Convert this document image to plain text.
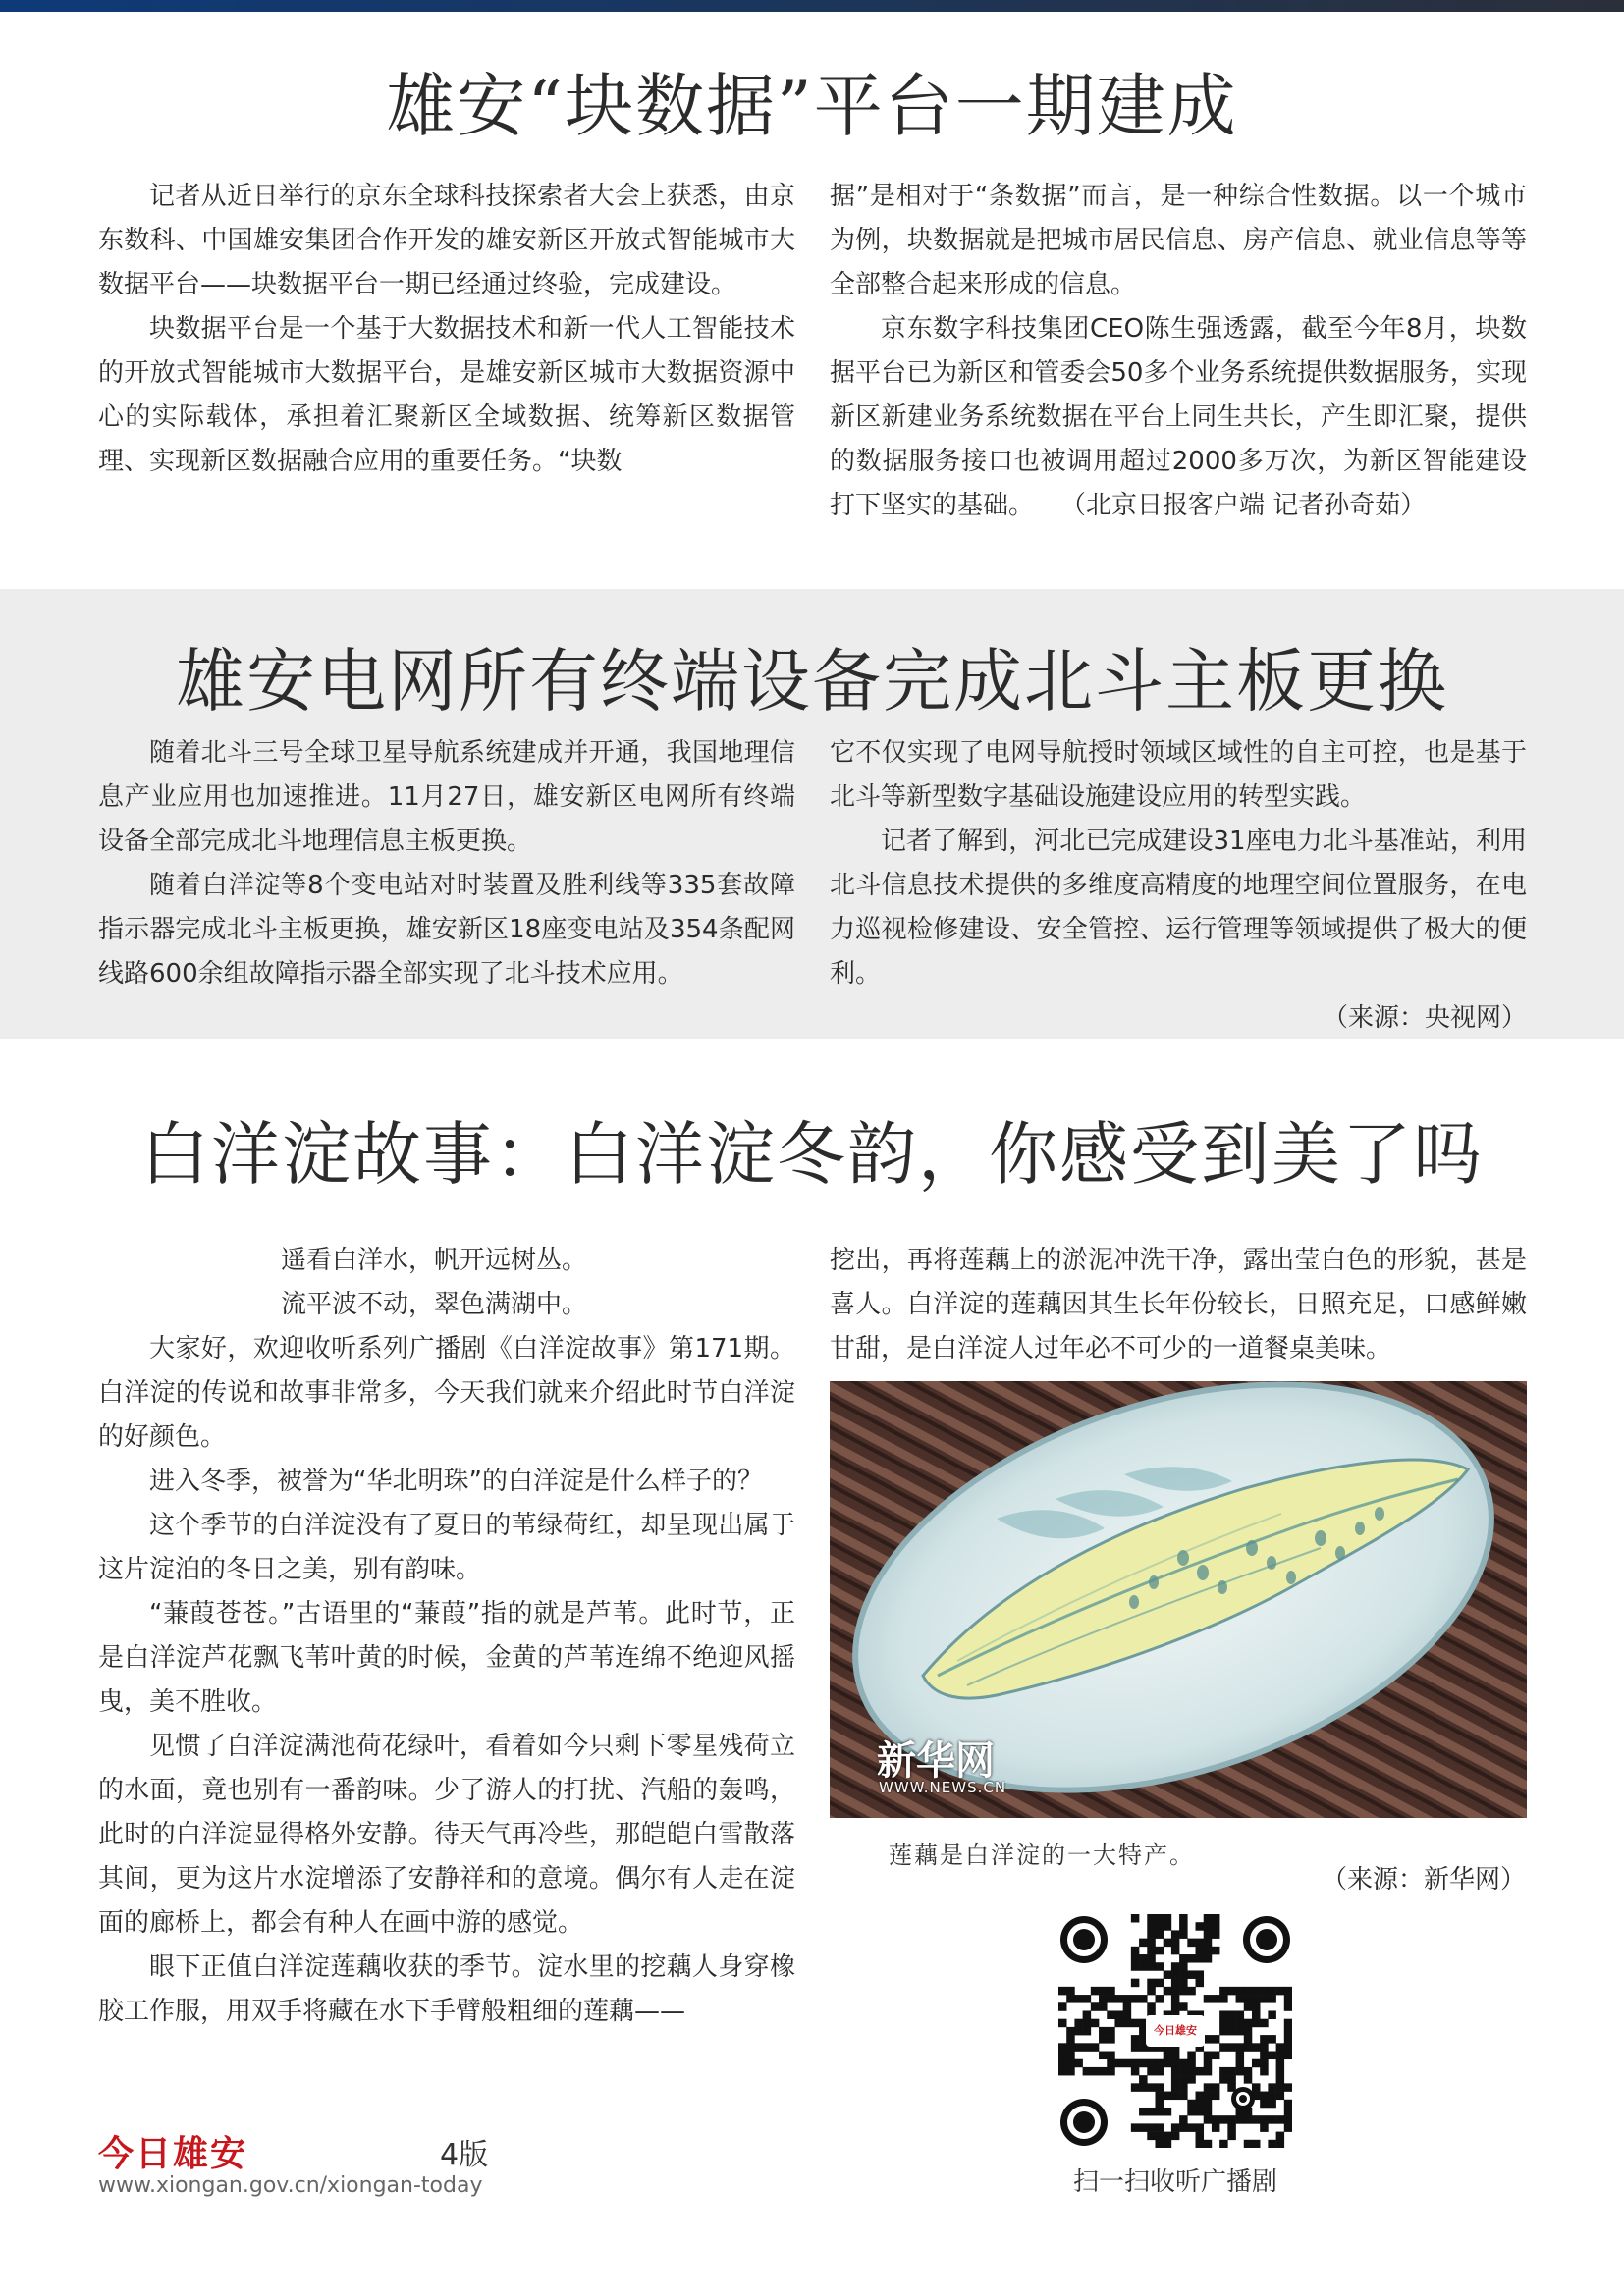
雄安“块数据”平台一期建成

记者从近日举行的京东全球科技探索者大会上获悉，由京东数科、中国雄安集团合作开发的雄安新区开放式智能城市大数据平台——块数据平台一期已经通过终验，完成建设。

块数据平台是一个基于大数据技术和新一代人工智能技术的开放式智能城市大数据平台，是雄安新区城市大数据资源中心的实际载体，承担着汇聚新区全域数据、统筹新区数据管理、实现新区数据融合应用的重要任务。“块数

据”是相对于“条数据”而言，是一种综合性数据。以一个城市为例，块数据就是把城市居民信息、房产信息、就业信息等等全部整合起来形成的信息。

京东数字科技集团CEO陈生强透露，截至今年8月，块数据平台已为新区和管委会50多个业务系统提供数据服务，实现新区新建业务系统数据在平台上同生共长，产生即汇聚，提供的数据服务接口也被调用超过2000多万次，为新区智能建设打下坚实的基础。 （北京日报客户端 记者孙奇茹）

雄安电网所有终端设备完成北斗主板更换

随着北斗三号全球卫星导航系统建成并开通，我国地理信息产业应用也加速推进。11月27日，雄安新区电网所有终端设备全部完成北斗地理信息主板更换。

随着白洋淀等8个变电站对时装置及胜利线等335套故障指示器完成北斗主板更换，雄安新区18座变电站及354条配网线路600余组故障指示器全部实现了北斗技术应用。

它不仅实现了电网导航授时领域区域性的自主可控，也是基于北斗等新型数字基础设施建设应用的转型实践。

记者了解到，河北已完成建设31座电力北斗基准站，利用北斗信息技术提供的多维度高精度的地理空间位置服务，在电力巡视检修建设、安全管控、运行管理等领域提供了极大的便利。

（来源：央视网）
白洋淀故事：白洋淀冬韵，你感受到美了吗

遥看白洋水，帆开远树丛。

流平波不动，翠色满湖中。

大家好，欢迎收听系列广播剧《白洋淀故事》第171期。白洋淀的传说和故事非常多，今天我们就来介绍此时节白洋淀的好颜色。

进入冬季，被誉为“华北明珠”的白洋淀是什么样子的？

这个季节的白洋淀没有了夏日的苇绿荷红，却呈现出属于这片淀泊的冬日之美，别有韵味。

“蒹葭苍苍。”古语里的“蒹葭”指的就是芦苇。此时节，正是白洋淀芦花飘飞苇叶黄的时候，金黄的芦苇连绵不绝迎风摇曳，美不胜收。

见惯了白洋淀满池荷花绿叶，看着如今只剩下零星残荷立的水面，竟也别有一番韵味。少了游人的打扰、汽船的轰鸣，此时的白洋淀显得格外安静。待天气再冷些，那皑皑白雪散落其间，更为这片水淀增添了安静祥和的意境。偶尔有人走在淀面的廊桥上，都会有种人在画中游的感觉。

眼下正值白洋淀莲藕收获的季节。淀水里的挖藕人身穿橡胶工作服，用双手将藏在水下手臂般粗细的莲藕——

挖出，再将莲藕上的淤泥冲洗干净，露出莹白色的形貌，甚是喜人。白洋淀的莲藕因其生长年份较长，日照充足，口感鲜嫩甘甜，是白洋淀人过年必不可少的一道餐桌美味。

新华网
WWW.NEWS.CN
莲藕是白洋淀的一大特产。
（来源：新华网）
今日雄安
扫一扫收听广播剧
今日雄安	4版
www.xiongan.gov.cn/xiongan-today
